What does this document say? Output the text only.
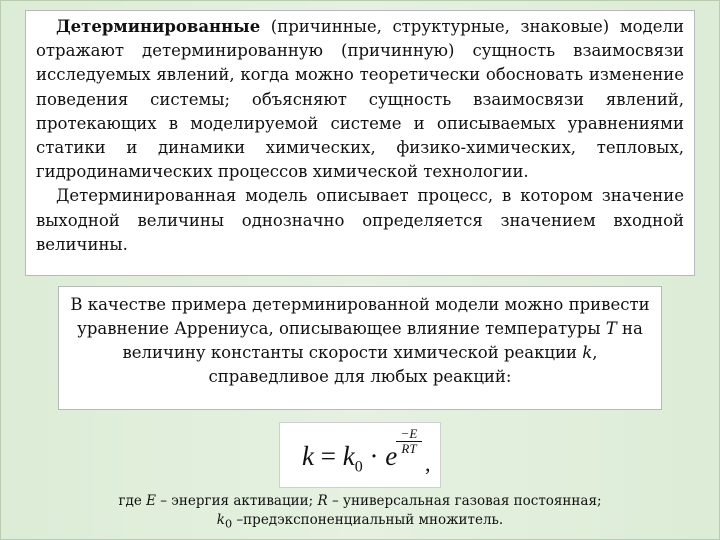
Детерминированные (причинные, структурные, знаковые) модели отражают детерминированную (причинную) сущность взаимосвязи исследуемых явлений, когда можно теоретически обосновать изменение поведения системы; объясняют сущность взаимосвязи явлений, протекающих в моделируемой системе и описываемых уравнениями статики и динамики химических, физико-химических, тепловых, гидродинамических процессов химической технологии.

Детерминированная модель описывает процесс, в котором значение выходной величины однозначно определяется значением входной величины.

В качестве примера детерминированной модели можно привести уравнение Аррениуса, описывающее влияние температуры T на величину константы скорости химической реакции k, справедливое для любых реакций:
$k = k_0 \cdot e$
$\frac{-E}{RT}$
,
где E – энергия активации; R – универсальная газовая постоянная;
$k_0$ –предэкспоненциальный множитель.
